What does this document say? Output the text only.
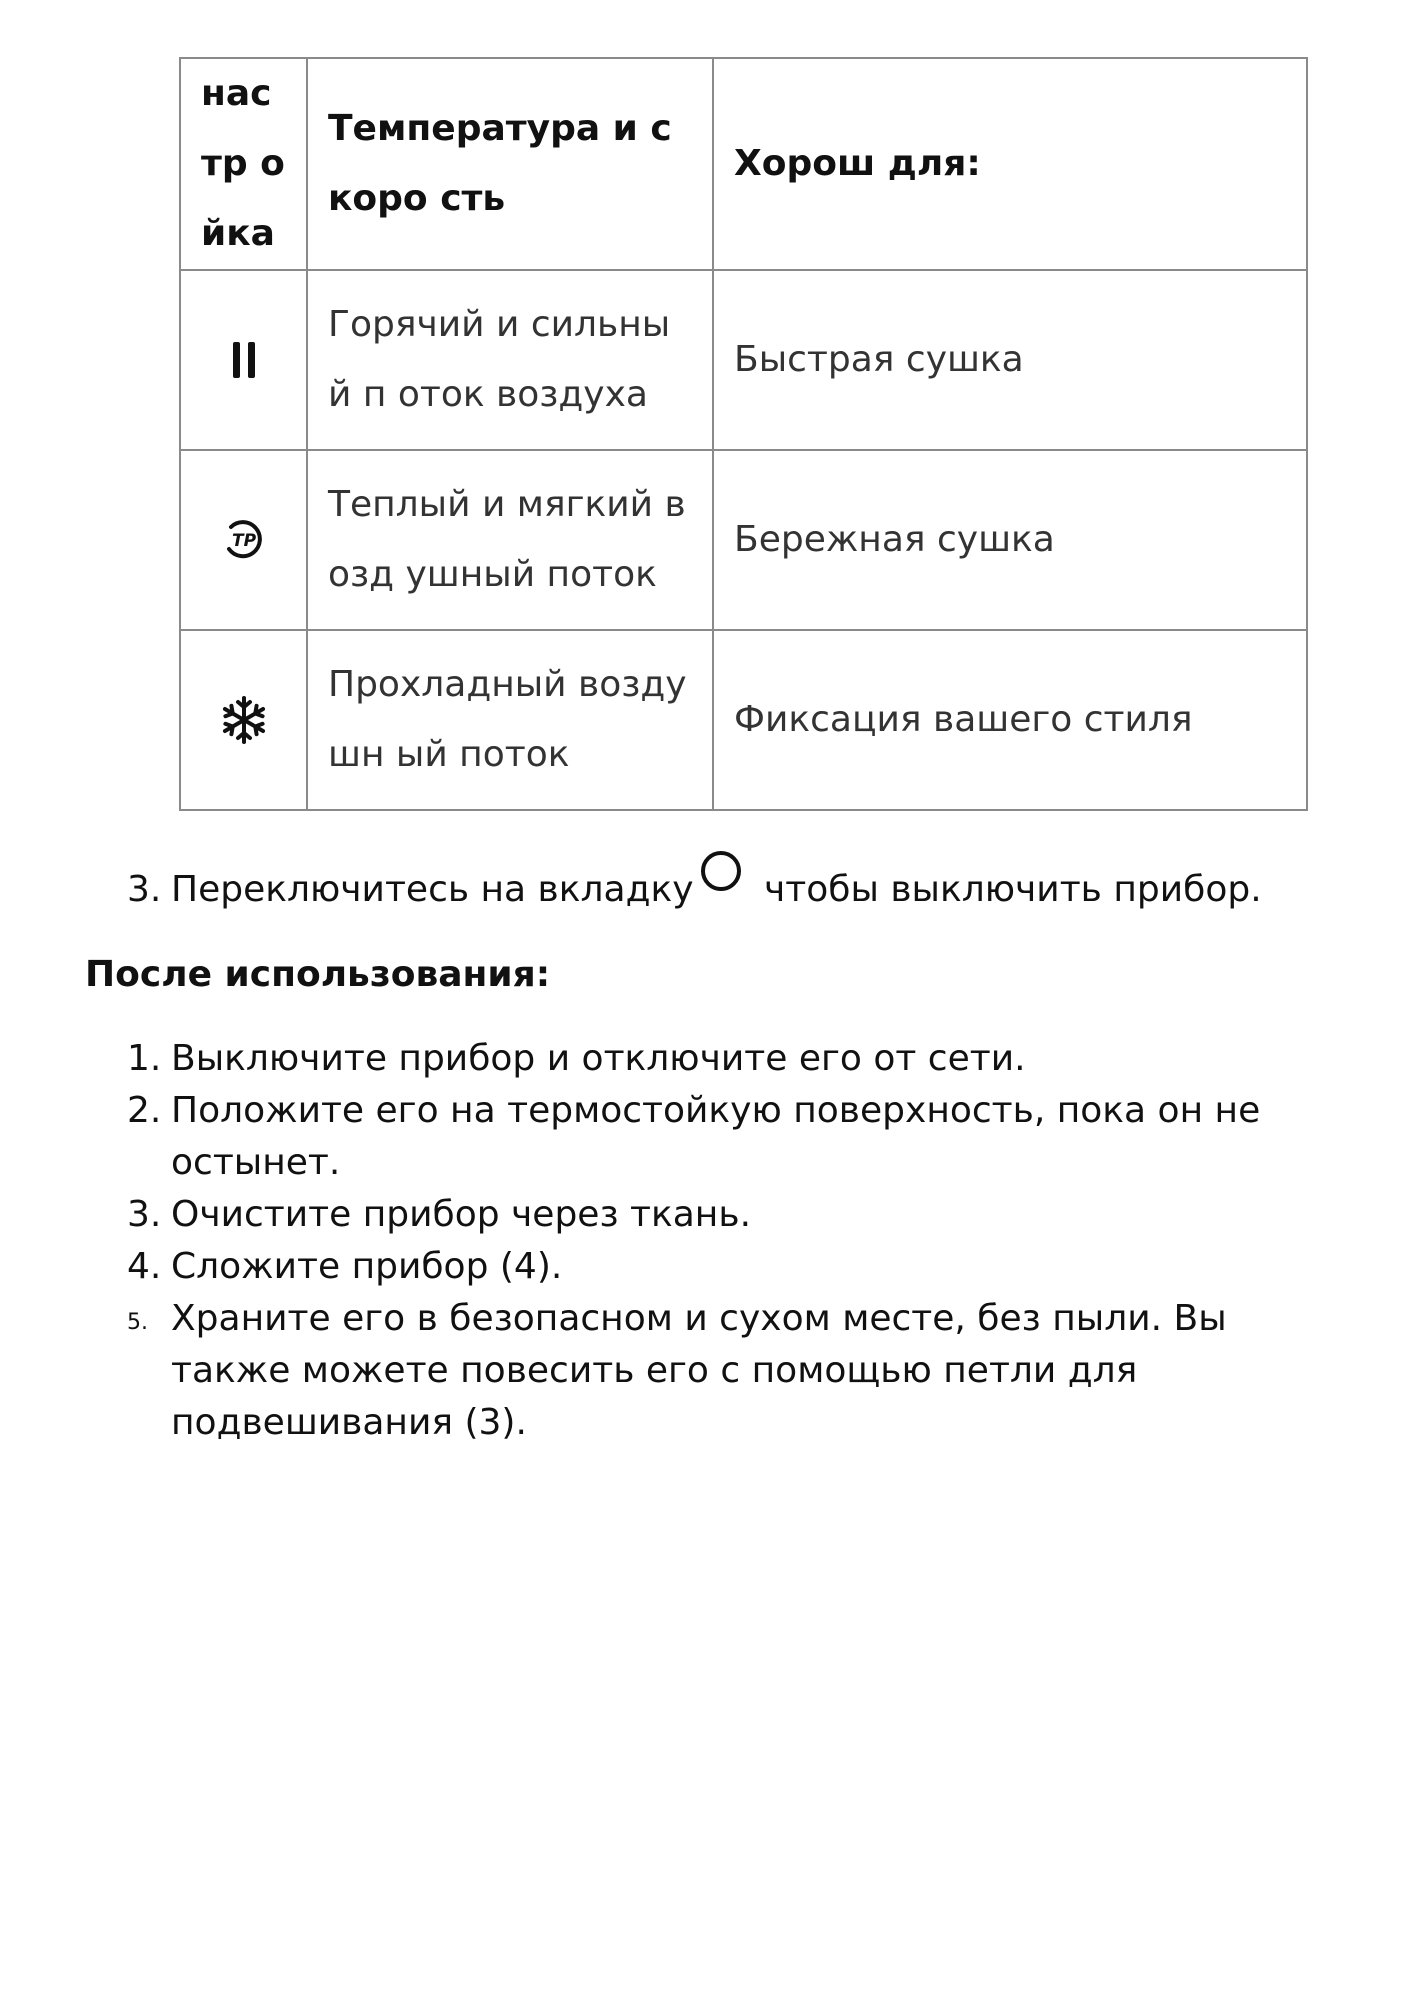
настр ойка	Температура и скоро сть	Хорош для:

	Горячий и сильный п оток воздуха	Быстрая сушка

TP	Теплый и мягкий возд ушный поток	Бережная сушка

	Прохладный воздушн ый поток	Фиксация вашего стиля
3. Переключитесь на вкладку чтобы выключить прибор.
После использования:
1. Выключите прибор и отключите его от сети.
2. Положите его на термостойкую поверхность, пока он не остынет.
3. Очистите прибор через ткань.
4. Сложите прибор (4).
5. Храните его в безопасном и сухом месте, без пыли. Вы также можете повесить его с помощью петли для подвешивания (3).
